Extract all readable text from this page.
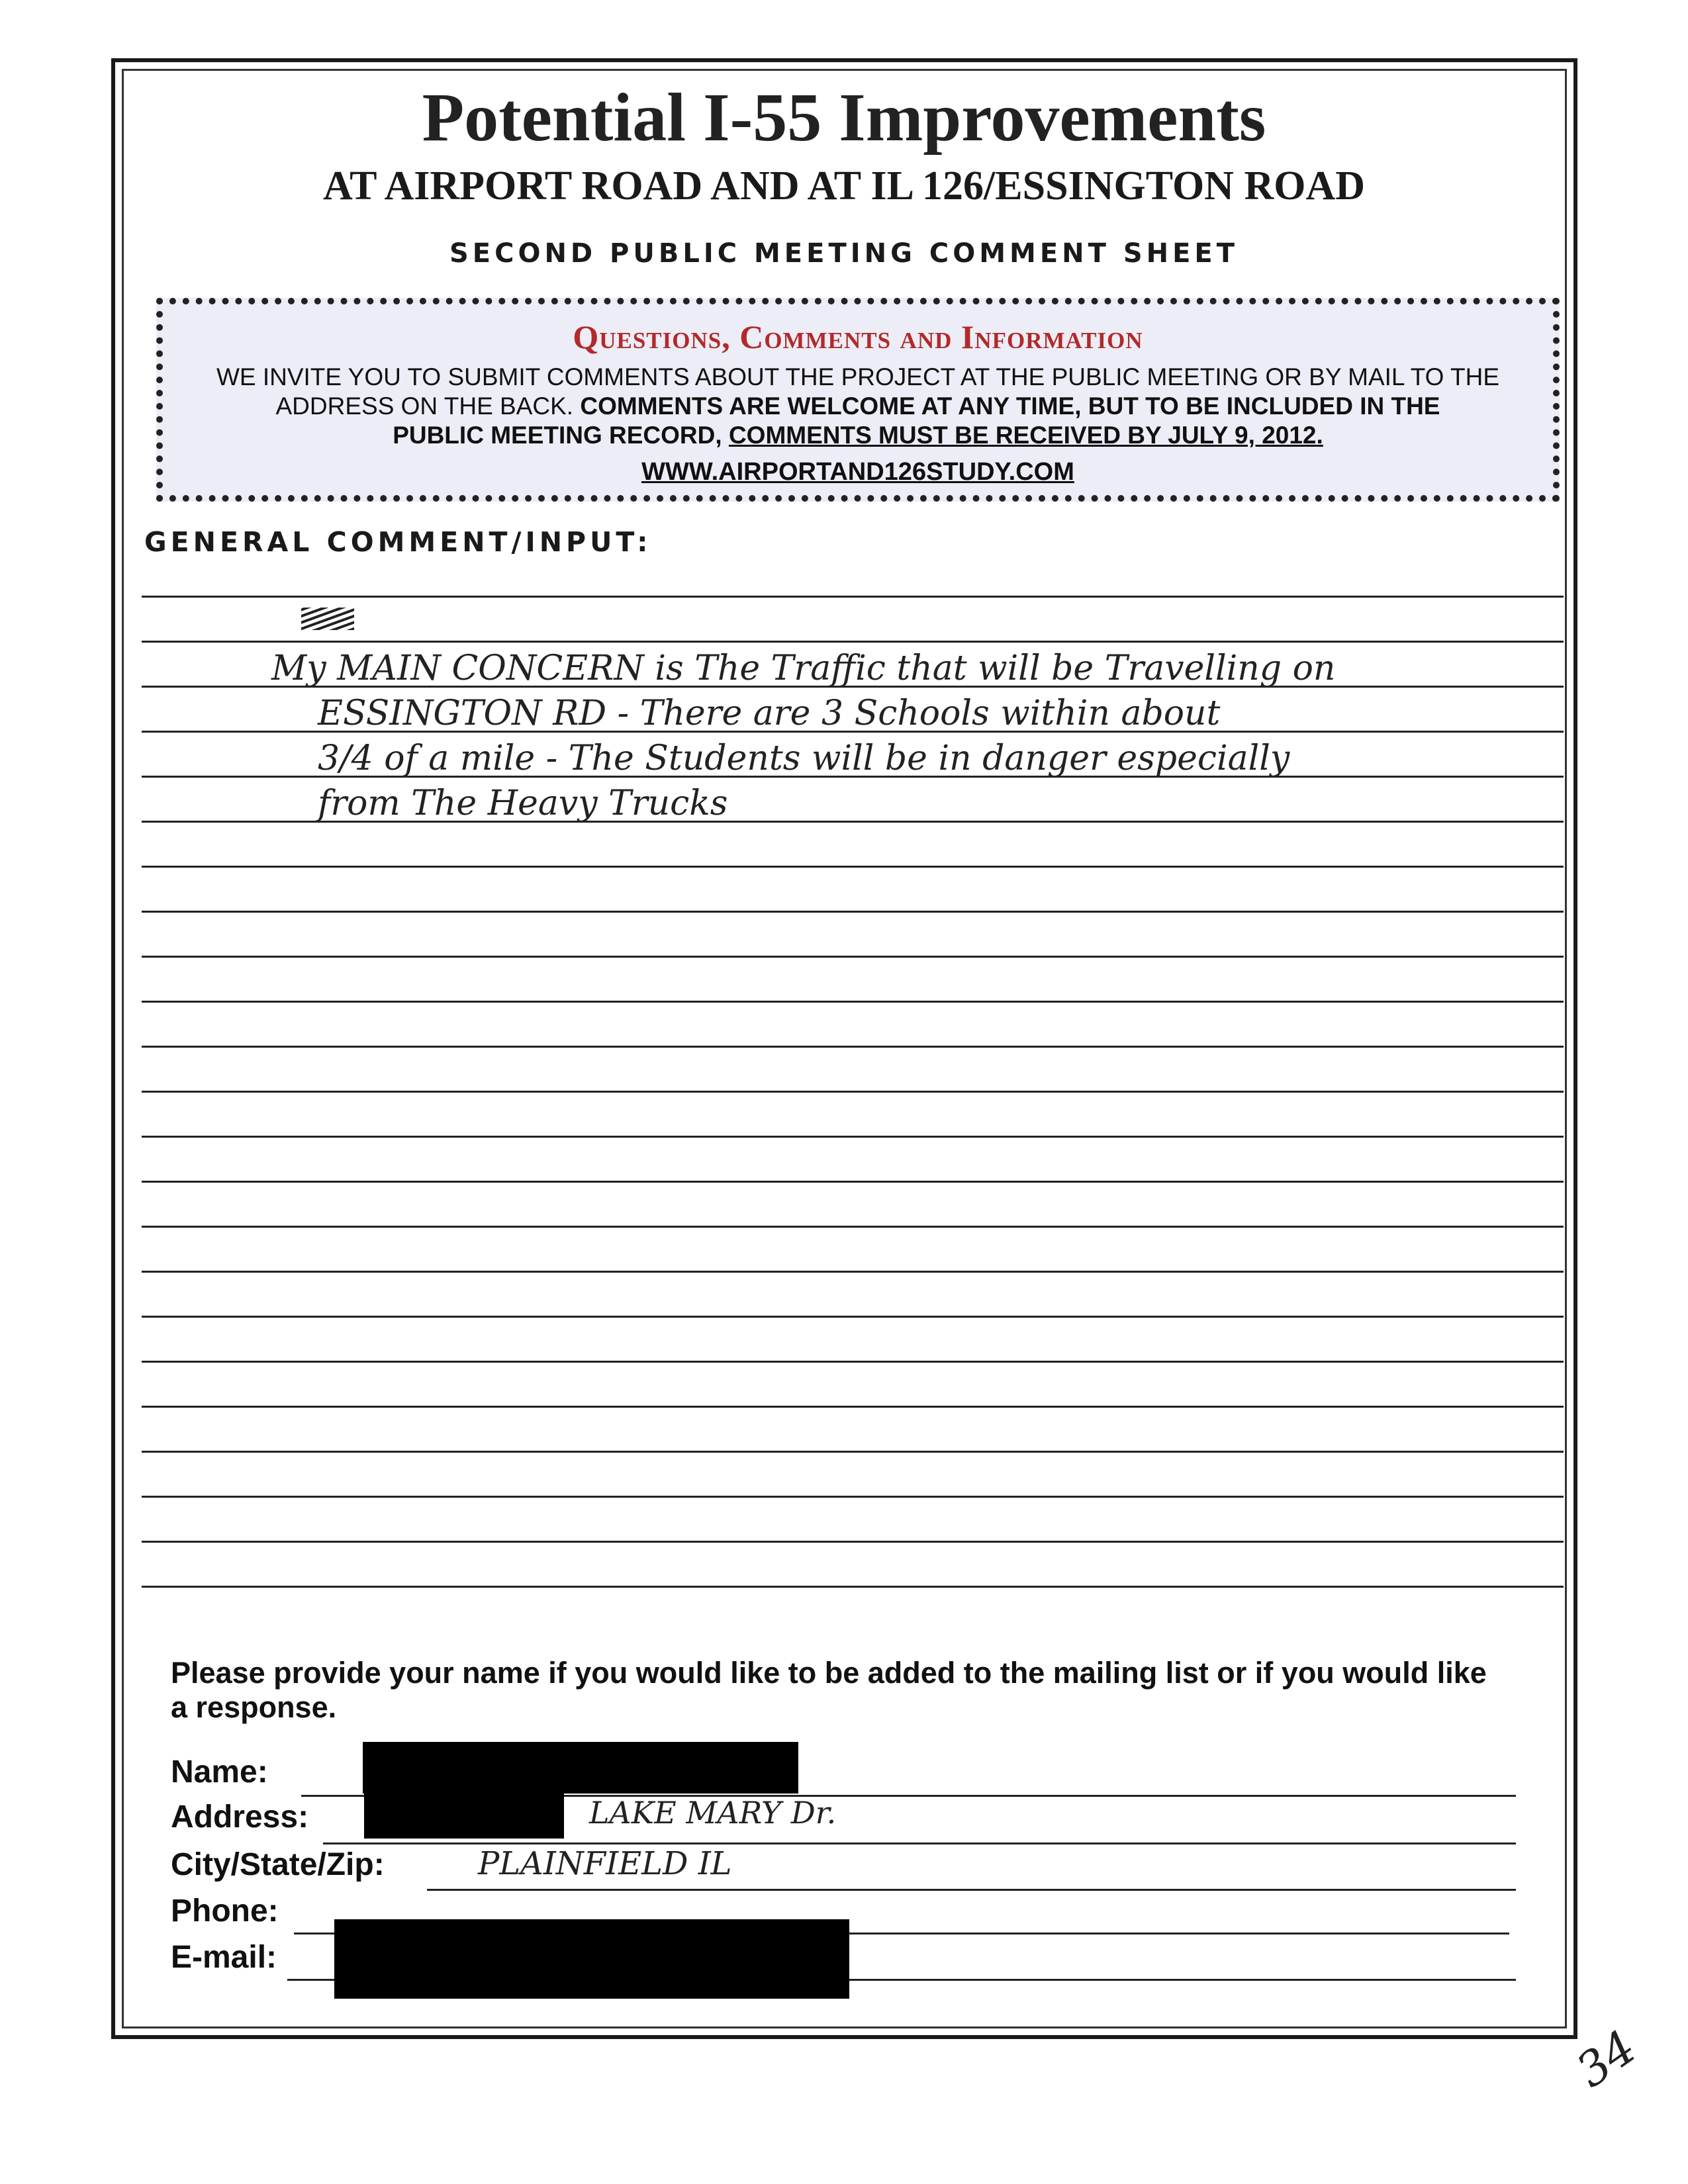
Potential I-55 Improvements
AT AIRPORT ROAD AND AT IL 126/ESSINGTON ROAD
SECOND PUBLIC MEETING COMMENT SHEET
Questions, Comments and Information
WE INVITE YOU TO SUBMIT COMMENTS ABOUT THE PROJECT AT THE PUBLIC MEETING OR BY MAIL TO THE
ADDRESS ON THE BACK. COMMENTS ARE WELCOME AT ANY TIME, BUT TO BE INCLUDED IN THE
PUBLIC MEETING RECORD, COMMENTS MUST BE RECEIVED BY JULY 9, 2012.
WWW.AIRPORTAND126STUDY.COM
GENERAL COMMENT/INPUT:
My MAIN CONCERN is The Traffic that will be Travelling on
ESSINGTON RD - There are 3 Schools within about
3/4 of a mile - The Students will be in danger especially
from The Heavy Trucks
Please provide your name if you would like to be added to the mailing list or if you would like a response.
Name:
Address:	LAKE MARY Dr.
City/State/Zip:	PLAINFIELD IL
Phone:
E-mail:
34
